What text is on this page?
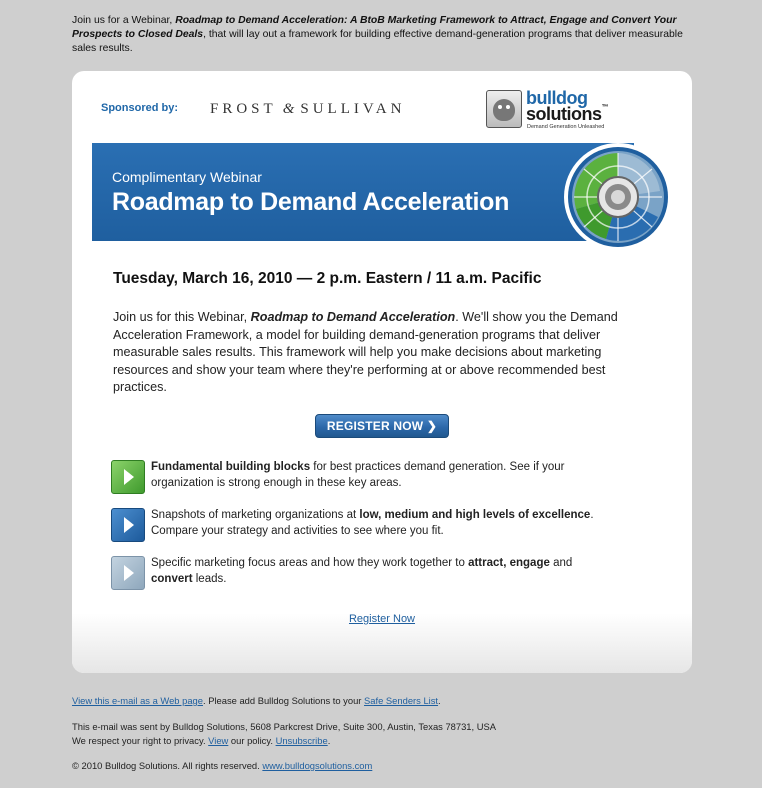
Join us for a Webinar, Roadmap to Demand Acceleration: A BtoB Marketing Framework to Attract, Engage and Convert Your Prospects to Closed Deals, that will lay out a framework for building effective demand-generation programs that deliver measurable sales results.
Sponsored by: FROST & SULLIVAN
bulldog
solutions™
Demand Generation Unleashed
Complimentary Webinar
Roadmap to Demand Acceleration
Tuesday, March 16, 2010 — 2 p.m. Eastern / 11 a.m. Pacific
Join us for this Webinar, Roadmap to Demand Acceleration. We'll show you the Demand Acceleration Framework, a model for building demand-generation programs that deliver measurable sales results. This framework will help you make decisions about marketing resources and show your team where they're performing at or above recommended best practices.
REGISTER NOW ❯
Fundamental building blocks for best practices demand generation. See if your organization is strong enough in these key areas.
Snapshots of marketing organizations at low, medium and high levels of excellence. Compare your strategy and activities to see where you fit.
Specific marketing focus areas and how they work together to attract, engage and convert leads.
Register Now
View this e-mail as a Web page. Please add Bulldog Solutions to your Safe Senders List.
This e-mail was sent by Bulldog Solutions, 5608 Parkcrest Drive, Suite 300, Austin, Texas 78731, USA
We respect your right to privacy. View our policy. Unsubscribe.
© 2010 Bulldog Solutions. All rights reserved. www.bulldogsolutions.com
